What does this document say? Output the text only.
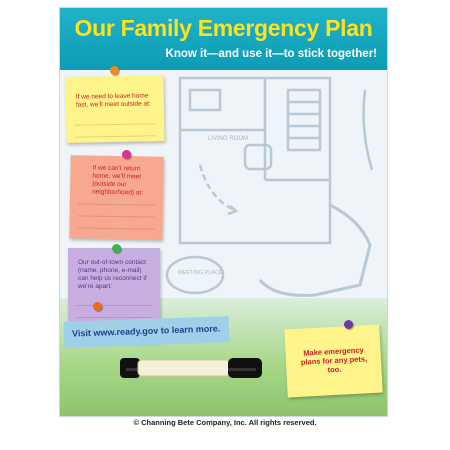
Our Family Emergency Plan
Know it—and use it—to stick together!
LIVING ROOM
MEETING PLACE
If we need to leave home fast, we’ll meet outside at:
If we can’t return home, we’ll meet (outside our neighborhood) at:
Our out-of-town contact (name, phone, e-mail) can help us reconnect if we’re apart:
Visit www.ready.gov to learn more.
Make emergency plans for any pets, too.
© Channing Bete Company, Inc. All rights reserved.
